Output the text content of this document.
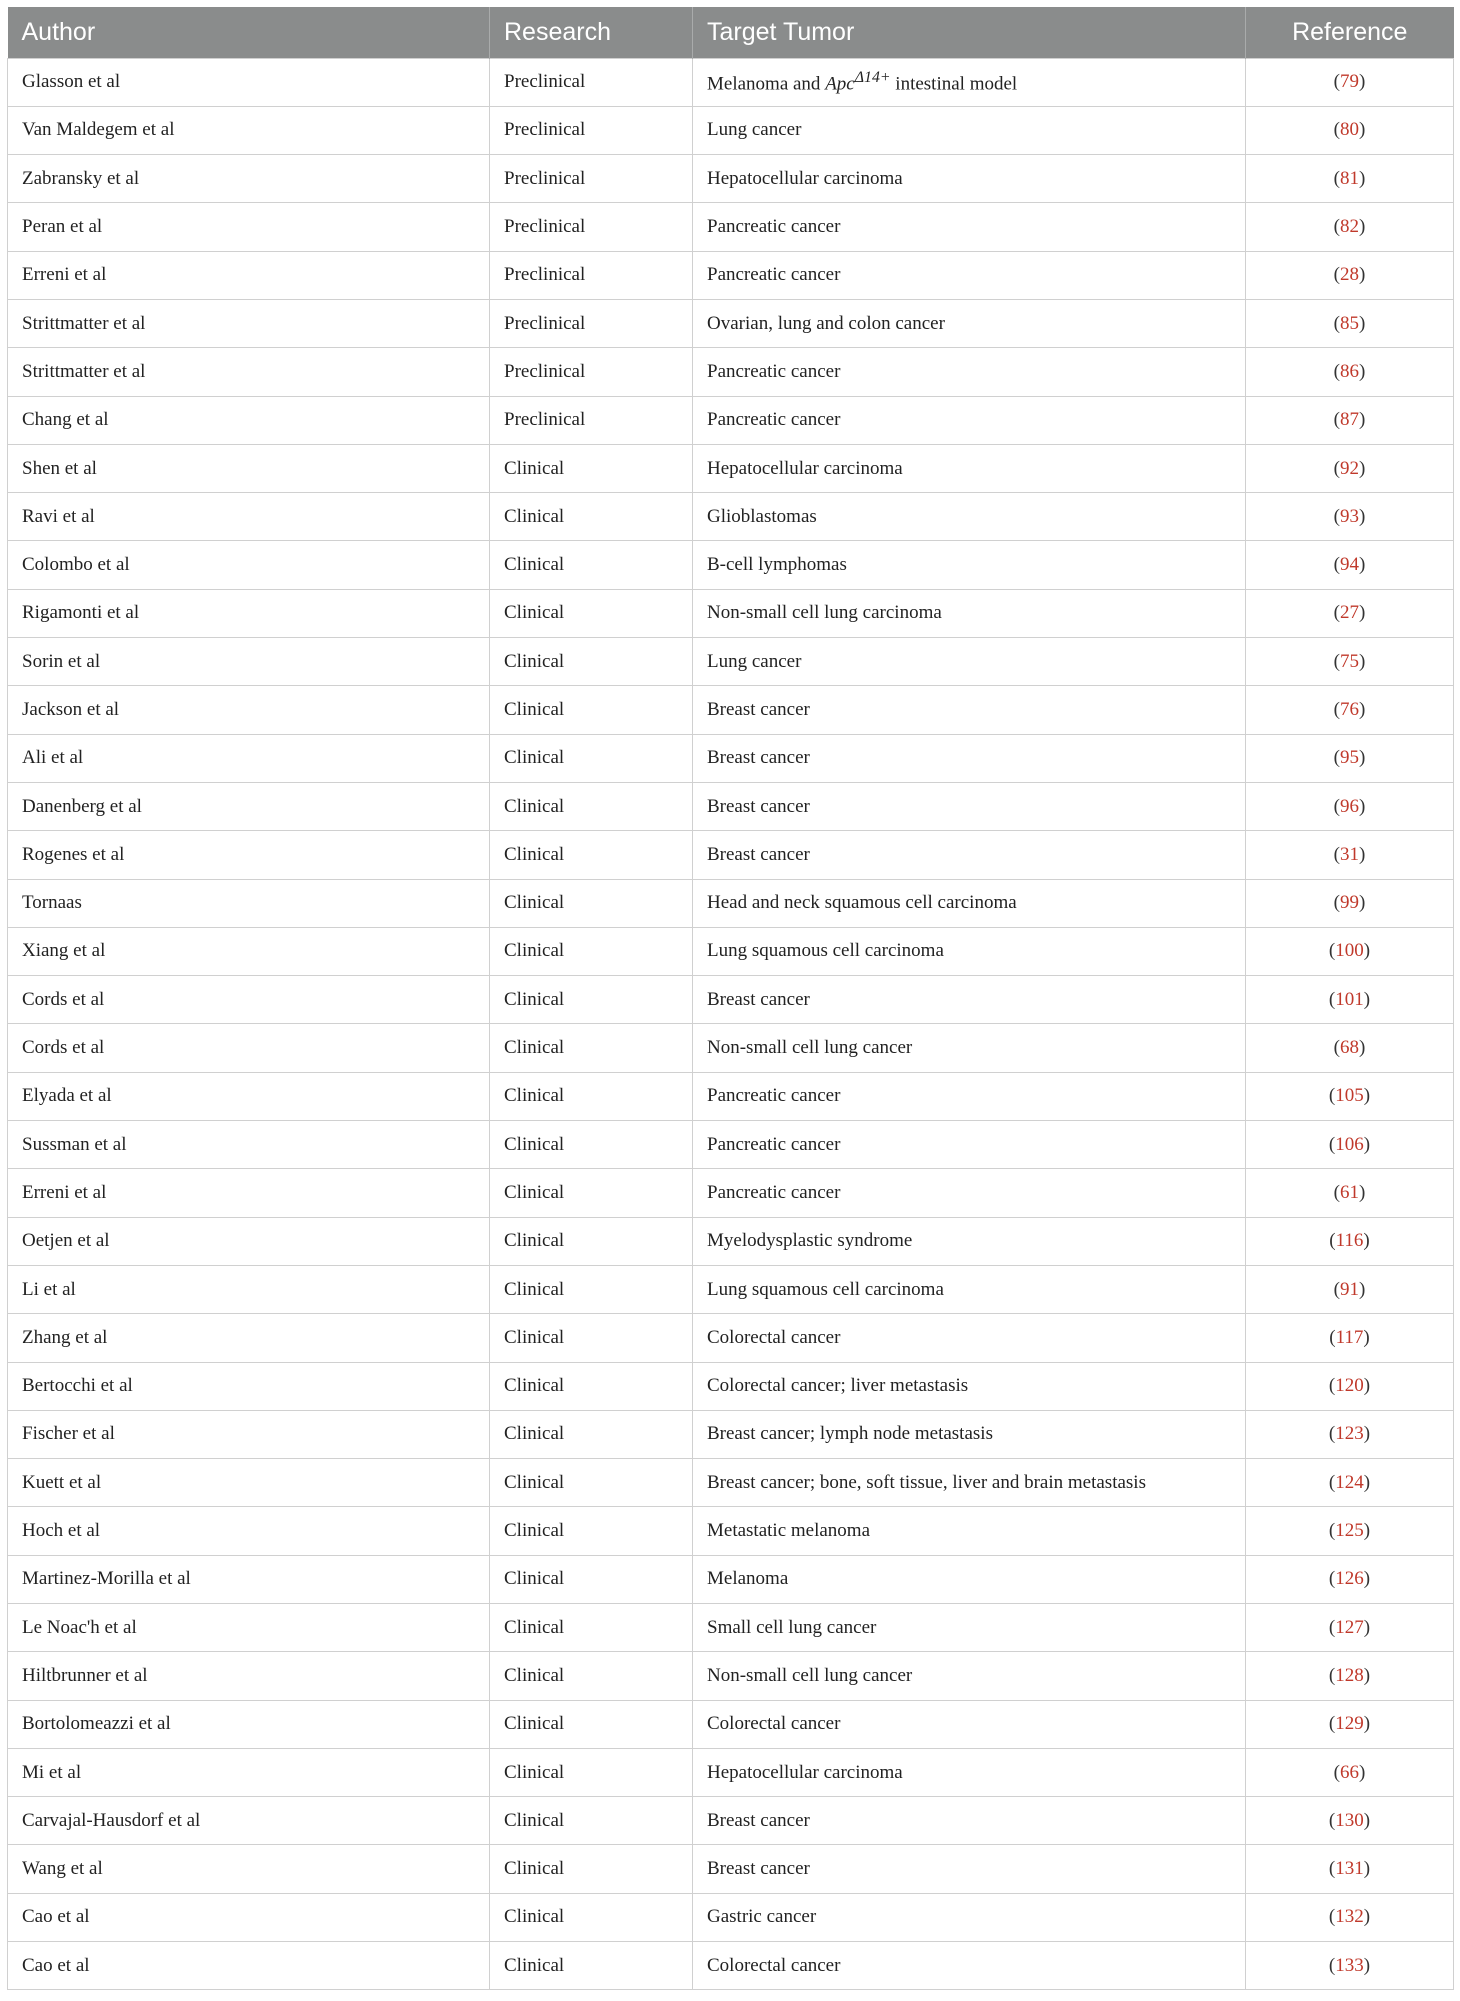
Author	Research	Target Tumor	Reference
Glasson et al	Preclinical	Melanoma and Apc$^{\Delta 14+}$ intestinal model	(79)
Van Maldegem et al	Preclinical	Lung cancer	(80)
Zabransky et al	Preclinical	Hepatocellular carcinoma	(81)
Peran et al	Preclinical	Pancreatic cancer	(82)
Erreni et al	Preclinical	Pancreatic cancer	(28)
Strittmatter et al	Preclinical	Ovarian, lung and colon cancer	(85)
Strittmatter et al	Preclinical	Pancreatic cancer	(86)
Chang et al	Preclinical	Pancreatic cancer	(87)
Shen et al	Clinical	Hepatocellular carcinoma	(92)
Ravi et al	Clinical	Glioblastomas	(93)
Colombo et al	Clinical	B-cell lymphomas	(94)
Rigamonti et al	Clinical	Non-small cell lung carcinoma	(27)
Sorin et al	Clinical	Lung cancer	(75)
Jackson et al	Clinical	Breast cancer	(76)
Ali et al	Clinical	Breast cancer	(95)
Danenberg et al	Clinical	Breast cancer	(96)
Rogenes et al	Clinical	Breast cancer	(31)
Tornaas	Clinical	Head and neck squamous cell carcinoma	(99)
Xiang et al	Clinical	Lung squamous cell carcinoma	(100)
Cords et al	Clinical	Breast cancer	(101)
Cords et al	Clinical	Non-small cell lung cancer	(68)
Elyada et al	Clinical	Pancreatic cancer	(105)
Sussman et al	Clinical	Pancreatic cancer	(106)
Erreni et al	Clinical	Pancreatic cancer	(61)
Oetjen et al	Clinical	Myelodysplastic syndrome	(116)
Li et al	Clinical	Lung squamous cell carcinoma	(91)
Zhang et al	Clinical	Colorectal cancer	(117)
Bertocchi et al	Clinical	Colorectal cancer; liver metastasis	(120)
Fischer et al	Clinical	Breast cancer; lymph node metastasis	(123)
Kuett et al	Clinical	Breast cancer; bone, soft tissue, liver and brain metastasis	(124)
Hoch et al	Clinical	Metastatic melanoma	(125)
Martinez-Morilla et al	Clinical	Melanoma	(126)
Le Noac'h et al	Clinical	Small cell lung cancer	(127)
Hiltbrunner et al	Clinical	Non-small cell lung cancer	(128)
Bortolomeazzi et al	Clinical	Colorectal cancer	(129)
Mi et al	Clinical	Hepatocellular carcinoma	(66)
Carvajal-Hausdorf et al	Clinical	Breast cancer	(130)
Wang et al	Clinical	Breast cancer	(131)
Cao et al	Clinical	Gastric cancer	(132)
Cao et al	Clinical	Colorectal cancer	(133)
